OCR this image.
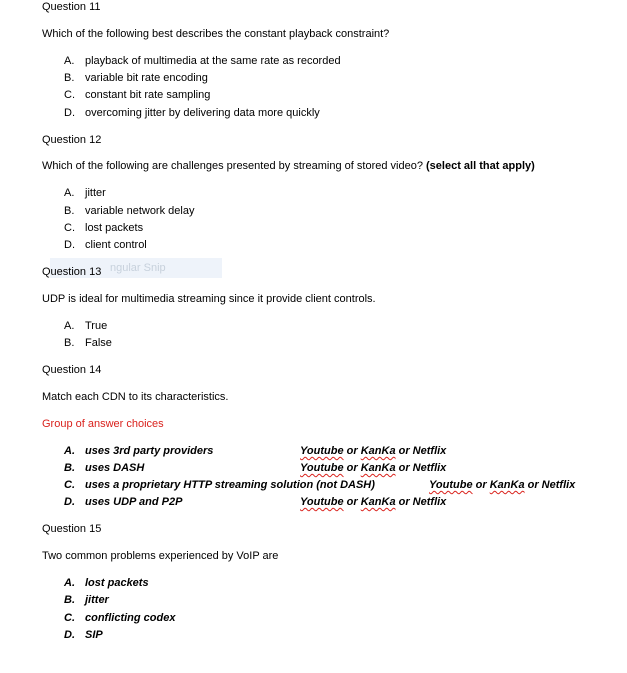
Question 11
Which of the following best describes the constant playback constraint?
A. playback of multimedia at the same rate as recorded
B. variable bit rate encoding
C. constant bit rate sampling
D. overcoming jitter by delivering data more quickly
Question 12
Which of the following are challenges presented by streaming of stored video? (select all that apply)
A. jitter
B. variable network delay
C. lost packets
D. client control
ngular Snip
Question 13
UDP is ideal for multimedia streaming since it provide client controls.
A. True
B. False
Question 14
Match each CDN to its characteristics.
Group of answer choices
A. uses 3rd party providers	Youtube or KanKa or Netflix
B. uses DASH	Youtube or KanKa or Netflix
C. uses a proprietary HTTP streaming solution (not DASH)	Youtube or KanKa or Netflix
D. uses UDP and P2P	Youtube or KanKa or Netflix
Question 15
Two common problems experienced by VoIP are
A. lost packets
B. jitter
C. conflicting codex
D. SIP
